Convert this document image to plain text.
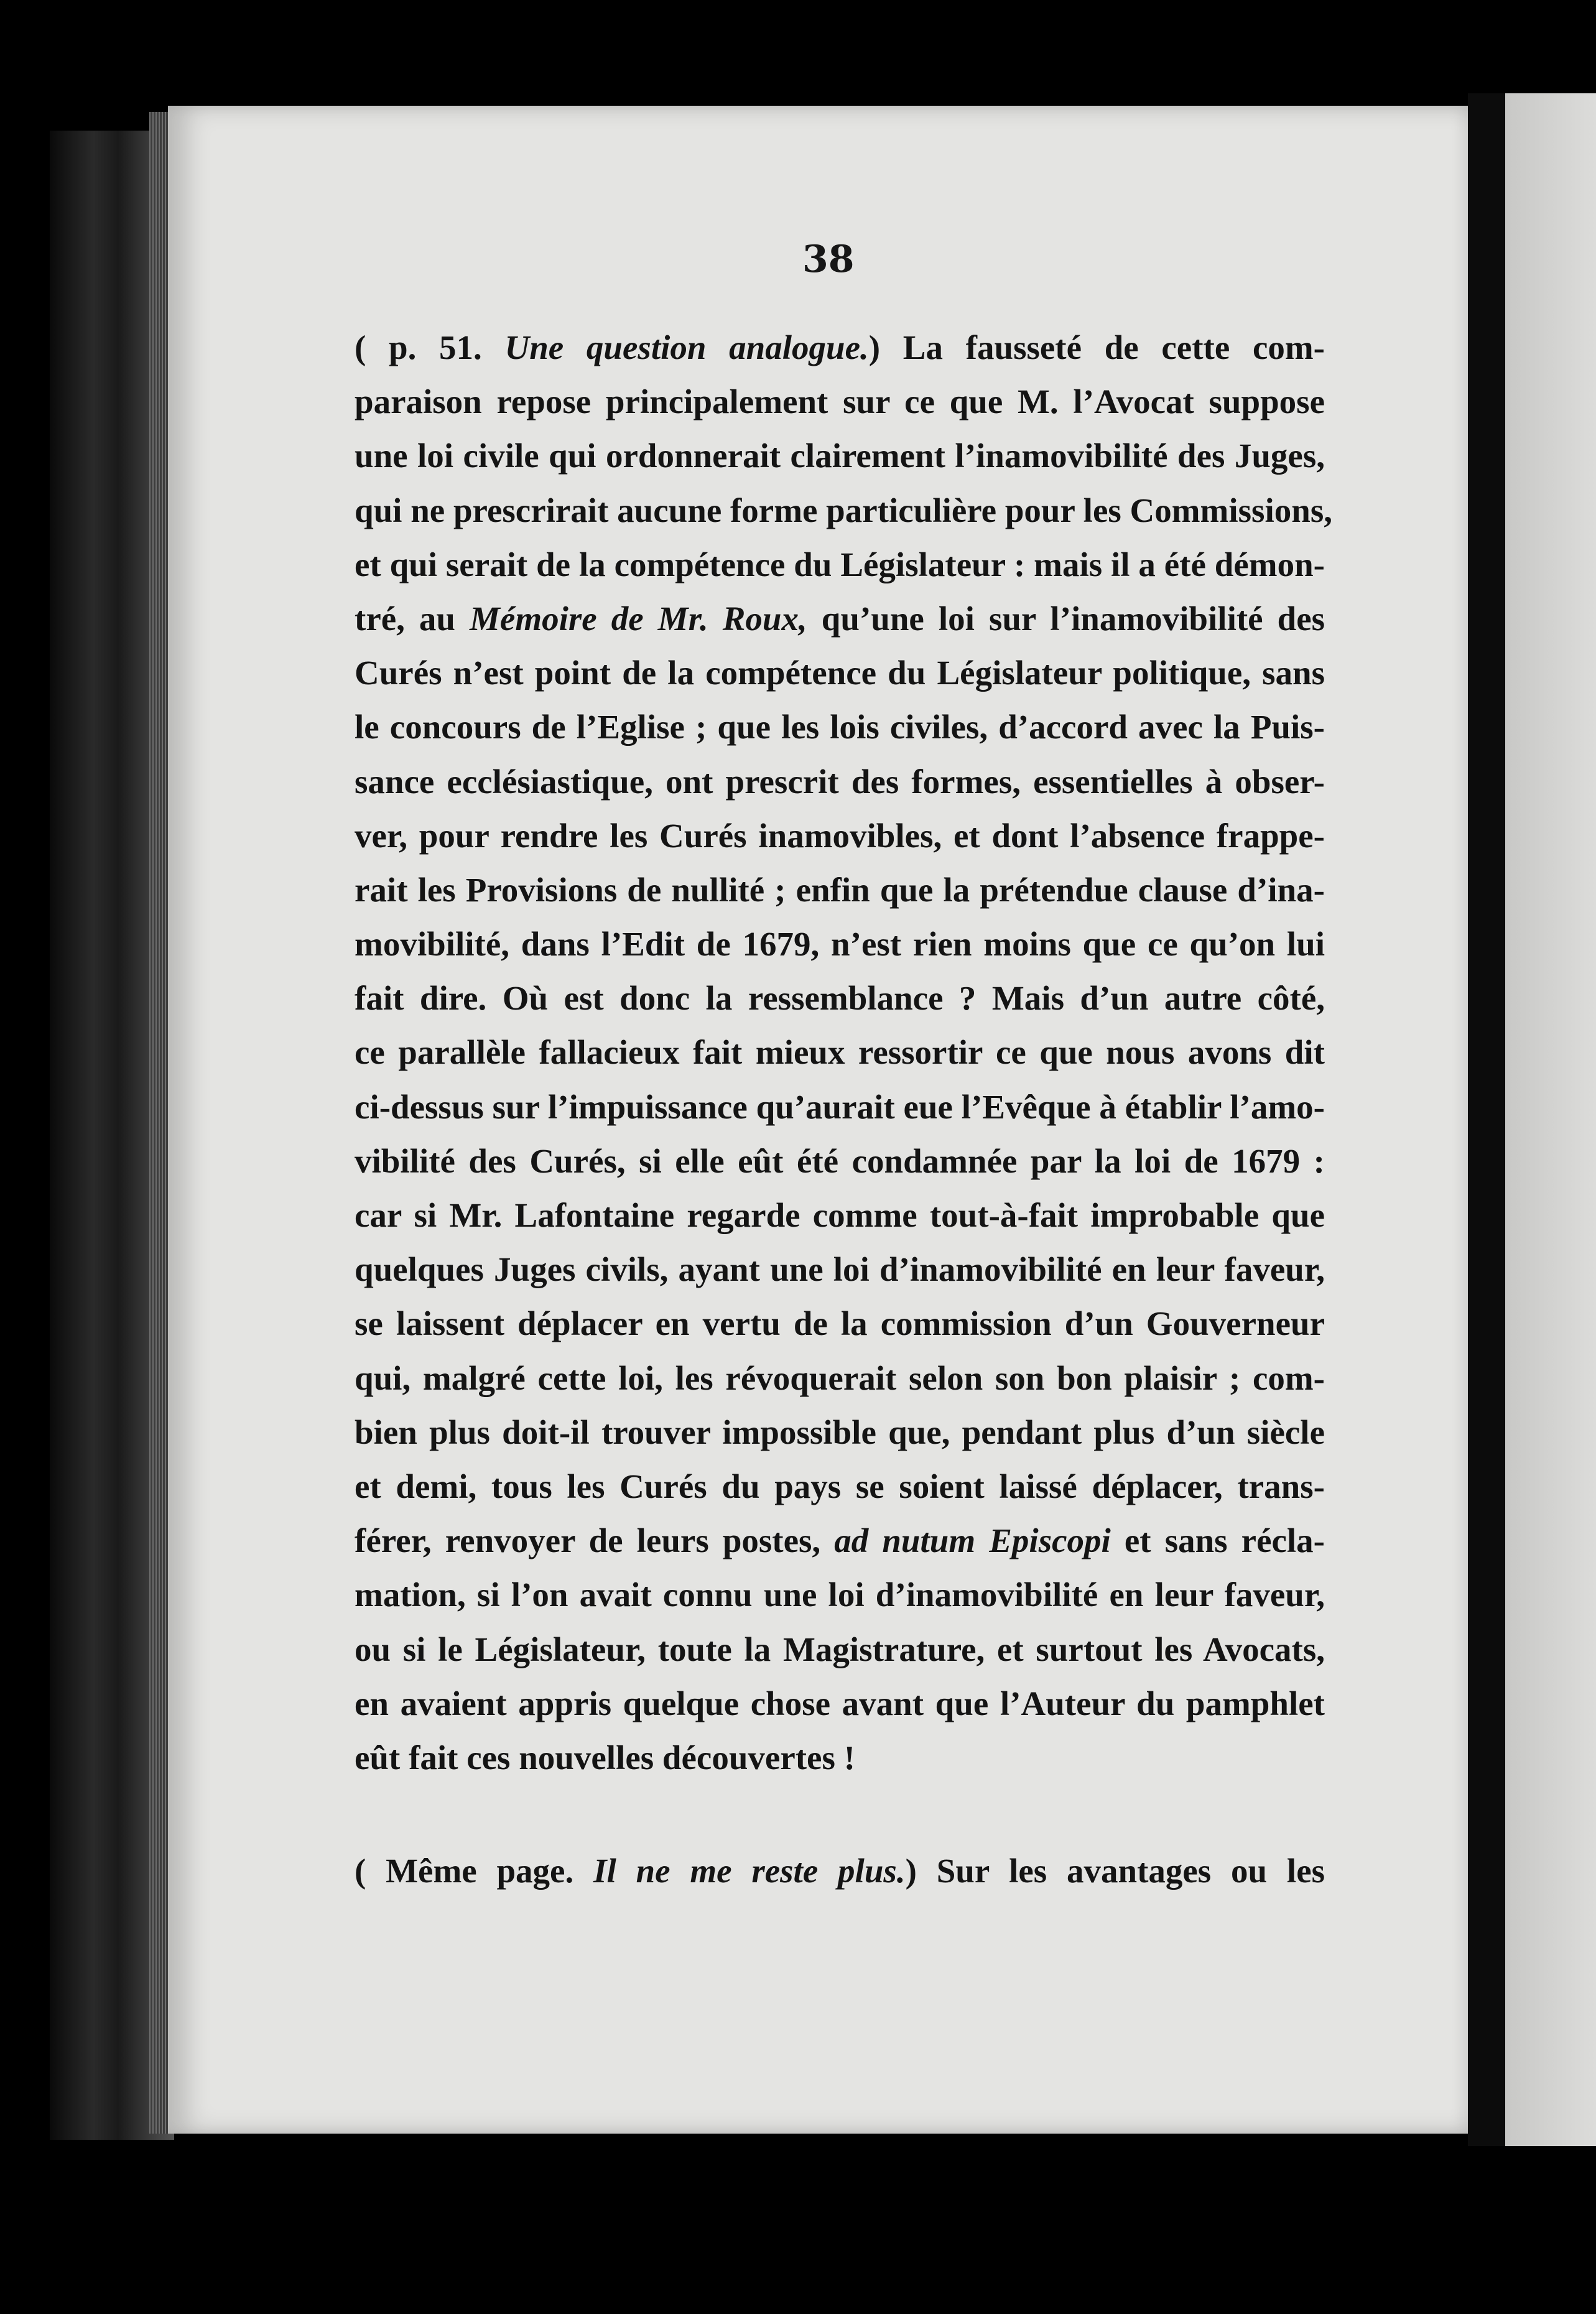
38
( p. 51. Une question analogue.) La fausseté de cette com-
paraison repose principalement sur ce que M. l’Avocat suppose
une loi civile qui ordonnerait clairement l’inamovibilité des Juges,
qui ne prescrirait aucune forme particulière pour les Commissions,
et qui serait de la compétence du Législateur : mais il a été démon-
tré, au Mémoire de Mr. Roux, qu’une loi sur l’inamovibilité des
Curés n’est point de la compétence du Législateur politique, sans
le concours de l’Eglise ; que les lois civiles, d’accord avec la Puis-
sance ecclésiastique, ont prescrit des formes, essentielles à obser-
ver, pour rendre les Curés inamovibles, et dont l’absence frappe-
rait les Provisions de nullité ; enfin que la prétendue clause d’ina-
movibilité, dans l’Edit de 1679, n’est rien moins que ce qu’on lui
fait dire. Où est donc la ressemblance ? Mais d’un autre côté,
ce parallèle fallacieux fait mieux ressortir ce que nous avons dit
ci-dessus sur l’impuissance qu’aurait eue l’Evêque à établir l’amo-
vibilité des Curés, si elle eût été condamnée par la loi de 1679 :
car si Mr. Lafontaine regarde comme tout-à-fait improbable que
quelques Juges civils, ayant une loi d’inamovibilité en leur faveur,
se laissent déplacer en vertu de la commission d’un Gouverneur
qui, malgré cette loi, les révoquerait selon son bon plaisir ; com-
bien plus doit-il trouver impossible que, pendant plus d’un siècle
et demi, tous les Curés du pays se soient laissé déplacer, trans-
férer, renvoyer de leurs postes, ad nutum Episcopi et sans récla-
mation, si l’on avait connu une loi d’inamovibilité en leur faveur,
ou si le Législateur, toute la Magistrature, et surtout les Avocats,
en avaient appris quelque chose avant que l’Auteur du pamphlet
eût fait ces nouvelles découvertes !
( Même page. Il ne me reste plus.) Sur les avantages ou les
